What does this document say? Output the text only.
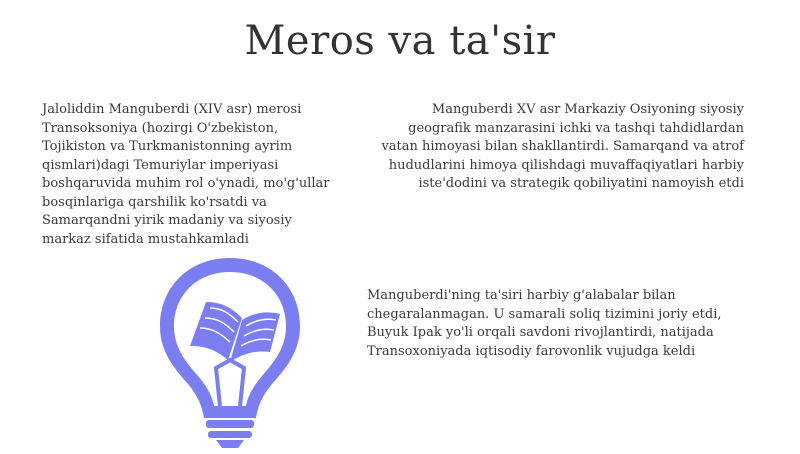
Meros va ta'sir
Jaloliddin Manguberdi (XIV asr) merosi Transoksoniya (hozirgi O'zbekiston, Tojikiston va Turkmanistonning ayrim qismlari)dagi Temuriylar imperiyasi boshqaruvida muhim rol o'ynadi, mo'g'ullar bosqinlariga qarshilik ko'rsatdi va Samarqandni yirik madaniy va siyosiy markaz sifatida mustahkamladi
Manguberdi XV asr Markaziy Osiyoning siyosiy geografik manzarasini ichki va tashqi tahdidlardan vatan himoyasi bilan shakllantirdi. Samarqand va atrof hududlarini himoya qilishdagi muvaffaqiyatlari harbiy iste'dodini va strategik qobiliyatini namoyish etdi
Manguberdi'ning ta'siri harbiy g'alabalar bilan chegaralanmagan. U samarali soliq tizimini joriy etdi, Buyuk Ipak yo'li orqali savdoni rivojlantirdi, natijada Transoxoniyada iqtisodiy farovonlik vujudga keldi
